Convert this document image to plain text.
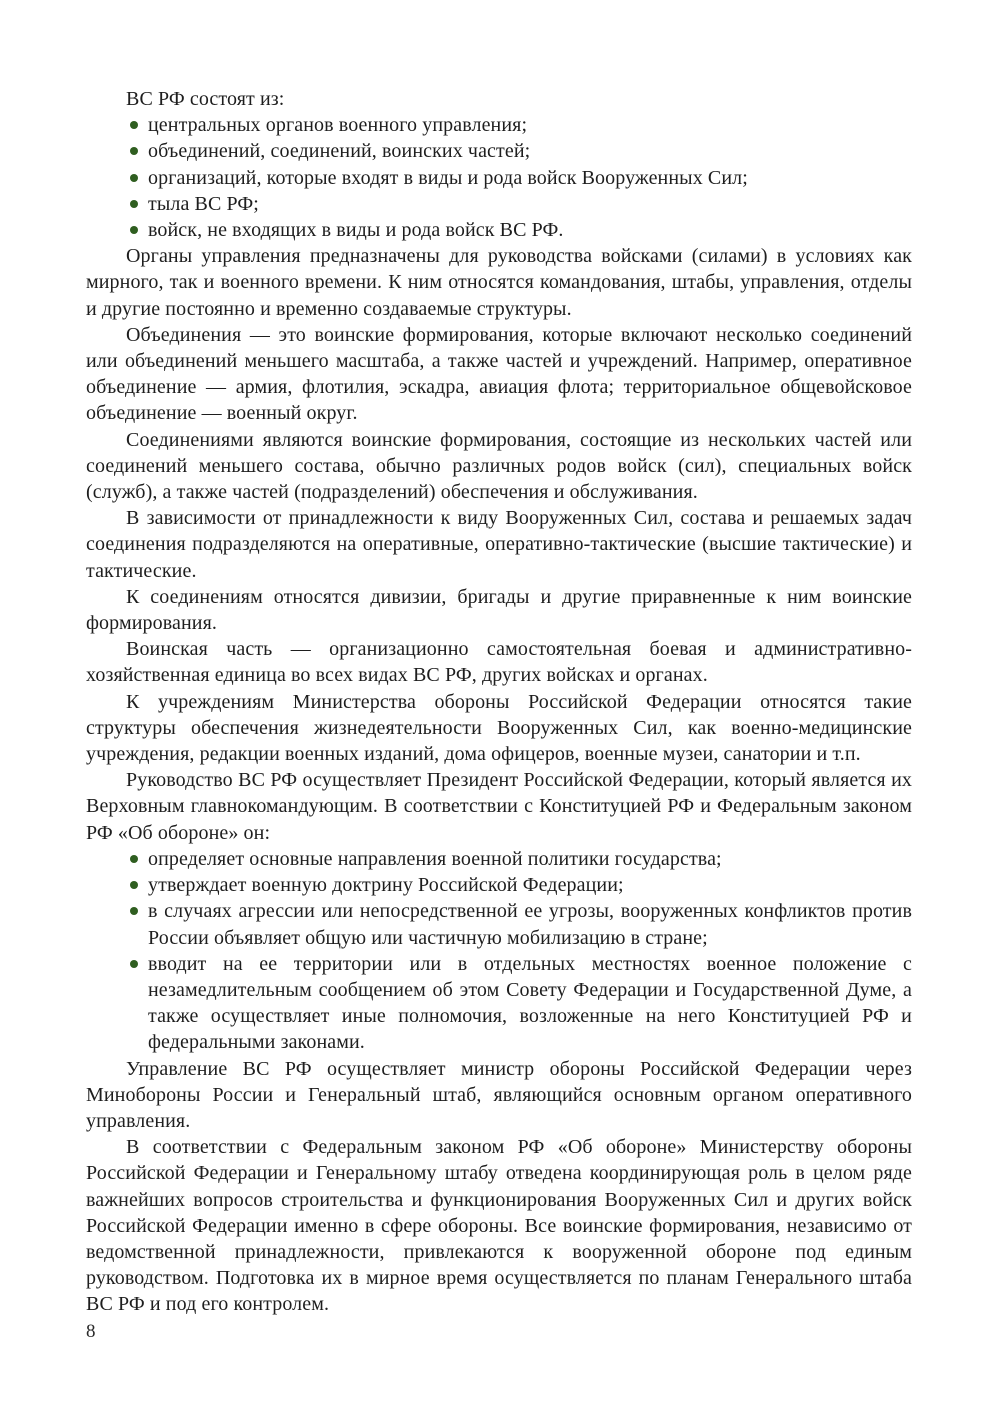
ВС РФ состоят из:

центральных органов военного управления;
объединений, соединений, воинских частей;
организаций, которые входят в виды и рода войск Вооруженных Сил;
тыла ВС РФ;
войск, не входящих в виды и рода войск ВС РФ.

Органы управления предназначены для руководства войсками (силами) в условиях как мирного, так и военного времени. К ним относятся командования, штабы, управления, отделы и другие постоянно и временно создаваемые структуры.

Объединения — это воинские формирования, которые включают несколько соединений или объединений меньшего масштаба, а также частей и учреждений. Например, оперативное объединение — армия, флотилия, эскадра, авиация флота; территориальное общевойсковое объединение — военный округ.

Соединениями являются воинские формирования, состоящие из нескольких частей или соединений меньшего состава, обычно различных родов войск (сил), специальных войск (служб), а также частей (подразделений) обеспечения и обслуживания.

В зависимости от принадлежности к виду Вооруженных Сил, состава и решаемых задач соединения подразделяются на оперативные, оперативно-тактические (высшие тактические) и тактические.

К соединениям относятся дивизии, бригады и другие приравненные к ним воинские формирования.

Воинская часть — организационно самостоятельная боевая и административно-хозяйственная единица во всех видах ВС РФ, других войсках и органах.

К учреждениям Министерства обороны Российской Федерации относятся такие структуры обеспечения жизнедеятельности Вооруженных Сил, как военно-медицинские учреждения, редакции военных изданий, дома офицеров, военные музеи, санатории и т.п.

Руководство ВС РФ осуществляет Президент Российской Федерации, который является их Верховным главнокомандующим. В соответствии с Конституцией РФ и Федеральным законом РФ «Об обороне» он:

определяет основные направления военной политики государства;
утверждает военную доктрину Российской Федерации;
в случаях агрессии или непосредственной ее угрозы, вооруженных конфликтов против России объявляет общую или частичную мобилизацию в стране;
вводит на ее территории или в отдельных местностях военное положение с незамедлительным сообщением об этом Совету Федерации и Государственной Думе, а также осуществляет иные полномочия, возложенные на него Конституцией РФ и федеральными законами.

Управление ВС РФ осуществляет министр обороны Российской Федерации через Минобороны России и Генеральный штаб, являющийся основным органом оперативного управления.

В соответствии с Федеральным законом РФ «Об обороне» Министерству обороны Российской Федерации и Генеральному штабу отведена координирующая роль в целом ряде важнейших вопросов строительства и функционирования Вооруженных Сил и других войск Российской Федерации именно в сфере обороны. Все воинские формирования, независимо от ведомственной принадлежности, привлекаются к вооруженной обороне под единым руководством. Подготовка их в мирное время осуществляется по планам Генерального штаба ВС РФ и под его контролем.

8
